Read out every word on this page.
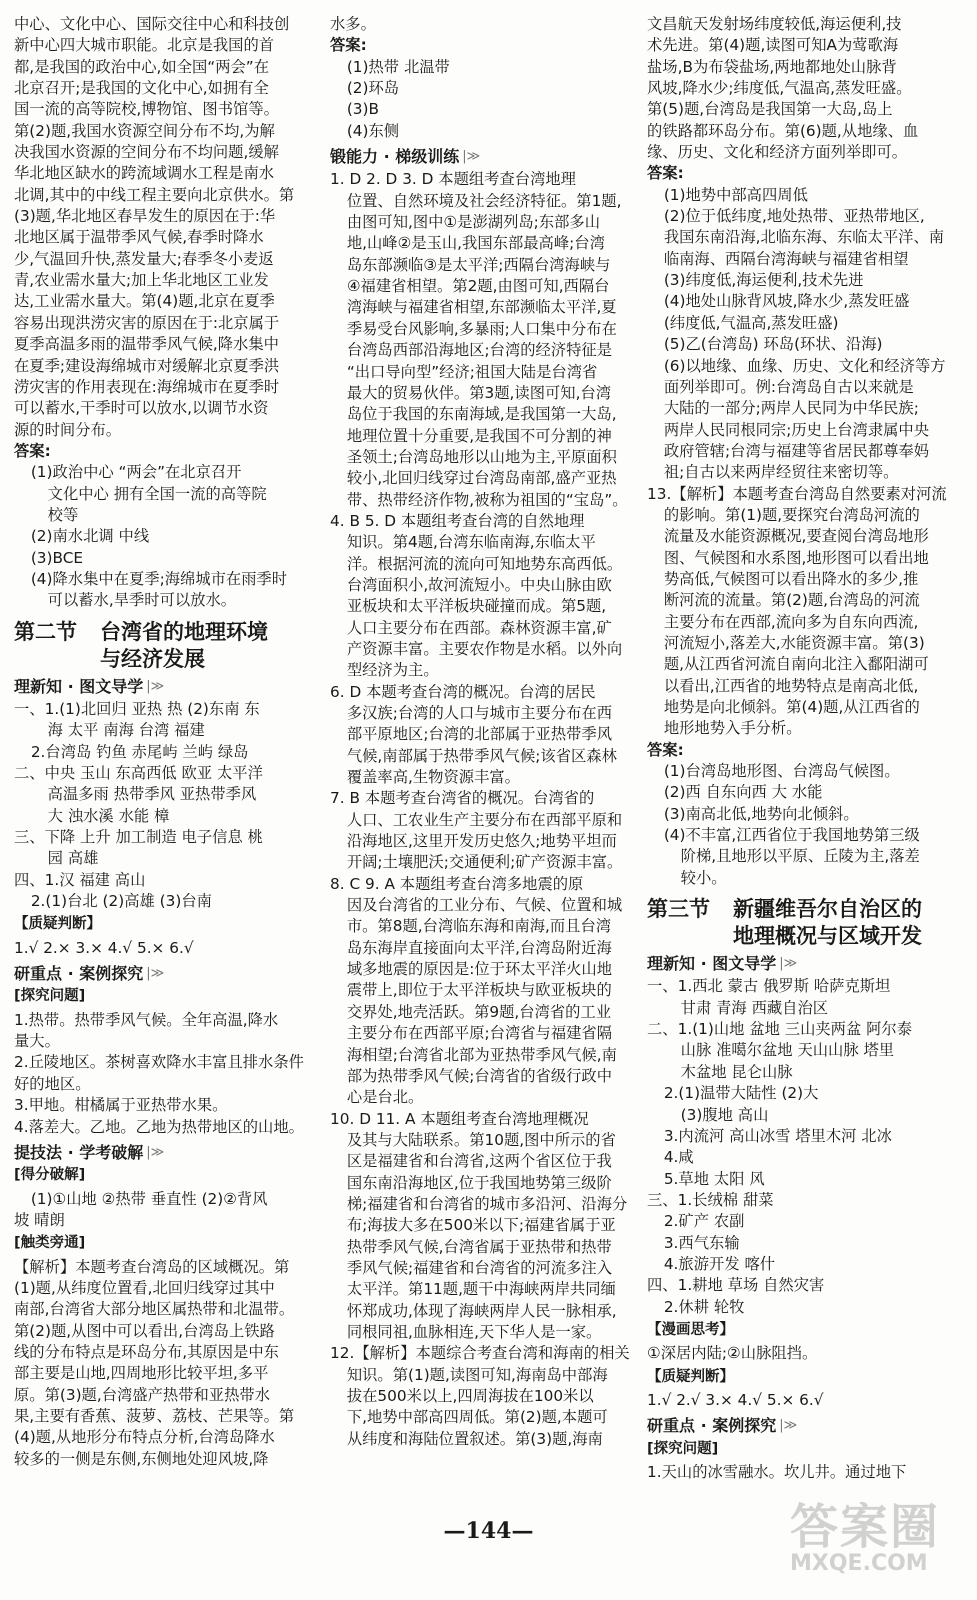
中心、文化中心、国际交往中心和科技创

新中心四大城市职能。北京是我国的首

都,是我国的政治中心,如全国“两会”在

北京召开;是我国的文化中心,如拥有全

国一流的高等院校,博物馆、图书馆等。

第(2)题,我国水资源空间分布不均,为解

决我国水资源的空间分布不均问题,缓解

华北地区缺水的跨流域调水工程是南水

北调,其中的中线工程主要向北京供水。第

(3)题,华北地区春旱发生的原因在于:华

北地区属于温带季风气候,春季时降水

少,气温回升快,蒸发量大;春季冬小麦返

青,农业需水量大;加上华北地区工业发

达,工业需水量大。第(4)题,北京在夏季

容易出现洪涝灾害的原因在于:北京属于

夏季高温多雨的温带季风气候,降水集中

在夏季;建设海绵城市对缓解北京夏季洪

涝灾害的作用表现在:海绵城市在夏季时

可以蓄水,干季时可以放水,以调节水资

源的时间分布。

答案:

(1)政治中心 “两会”在北京召开

文化中心 拥有全国一流的高等院

校等

(2)南水北调 中线

(3)BCE

(4)降水集中在夏季;海绵城市在雨季时

可以蓄水,旱季时可以放水。

第二节 台湾省的地理环境
与经济发展
理新知 · 图文导学 |≫

一、1.(1)北回归 亚热 热 (2)东南 东

海 太平 南海 台湾 福建

2.台湾岛 钓鱼 赤尾屿 兰屿 绿岛

二、中央 玉山 东高西低 欧亚 太平洋

高温多雨 热带季风 亚热带季风

大 浊水溪 水能 樟

三、下降 上升 加工制造 电子信息 桃

园 高雄

四、1.汉 福建 高山

2.(1)台北 (2)高雄 (3)台南

【质疑判断】

1.√ 2.× 3.× 4.√ 5.× 6.√

研重点 · 案例探究 |≫
[探究问题]

1.热带。热带季风气候。全年高温,降水

量大。

2.丘陵地区。茶树喜欢降水丰富且排水条件

好的地区。

3.甲地。柑橘属于亚热带水果。

4.落差大。乙地。乙地为热带地区的山地。

提技法 · 学考破解 |≫
[得分破解]

(1)①山地 ②热带 垂直性 (2)②背风

坡 晴朗

[触类旁通]

【解析】本题考查台湾岛的区域概况。第

(1)题,从纬度位置看,北回归线穿过其中

南部,台湾省大部分地区属热带和北温带。

第(2)题,从图中可以看出,台湾岛上铁路

线的分布特点是环岛分布,其原因是中东

部主要是山地,四周地形比较平坦,多平

原。第(3)题,台湾盛产热带和亚热带水

果,主要有香蕉、菠萝、荔枝、芒果等。第

(4)题,从地形分布特点分析,台湾岛降水

较多的一侧是东侧,东侧地处迎风坡,降

水多。

答案:

(1)热带 北温带

(2)环岛

(3)B

(4)东侧

锻能力 · 梯级训练 |≫

1. D 2. D 3. D 本题组考查台湾地理

位置、自然环境及社会经济特征。第1题,

由图可知,图中①是澎湖列岛;东部多山

地,山峰②是玉山,我国东部最高峰;台湾

岛东部濒临③是太平洋;西隔台湾海峡与

④福建省相望。第2题,由图可知,西隔台

湾海峡与福建省相望,东部濒临太平洋,夏

季易受台风影响,多暴雨;人口集中分布在

台湾岛西部沿海地区;台湾的经济特征是

“出口导向型”经济;祖国大陆是台湾省

最大的贸易伙伴。第3题,读图可知,台湾

岛位于我国的东南海域,是我国第一大岛,

地理位置十分重要,是我国不可分割的神

圣领土;台湾岛地形以山地为主,平原面积

较小,北回归线穿过台湾岛南部,盛产亚热

带、热带经济作物,被称为祖国的“宝岛”。

4. B 5. D 本题组考查台湾的自然地理

知识。第4题,台湾东临南海,东临太平

洋。根据河流的流向可知地势东高西低。

台湾面积小,故河流短小。中央山脉由欧

亚板块和太平洋板块碰撞而成。第5题,

人口主要分布在西部。森林资源丰富,矿

产资源丰富。主要农作物是水稻。以外向

型经济为主。

6. D 本题考查台湾的概况。台湾的居民

多汉族;台湾的人口与城市主要分布在西

部平原地区;台湾的北部属于亚热带季风

气候,南部属于热带季风气候;该省区森林

覆盖率高,生物资源丰富。

7. B 本题考查台湾省的概况。台湾省的

人口、工农业生产主要分布在西部平原和

沿海地区,这里开发历史悠久;地势平坦而

开阔;土壤肥沃;交通便利;矿产资源丰富。

8. C 9. A 本题组考查台湾多地震的原

因及台湾省的工业分布、气候、位置和城

市。第8题,台湾临东海和南海,而且台湾

岛东海岸直接面向太平洋,台湾岛附近海

域多地震的原因是:位于环太平洋火山地

震带上,即位于太平洋板块与欧亚板块的

交界处,地壳活跃。第9题,台湾省的工业

主要分布在西部平原;台湾省与福建省隔

海相望;台湾省北部为亚热带季风气候,南

部为热带季风气候;台湾省的省级行政中

心是台北。

10. D 11. A 本题组考查台湾地理概况

及其与大陆联系。第10题,图中所示的省

区是福建省和台湾省,这两个省区位于我

国东南沿海地区,位于我国地势第三级阶

梯;福建省和台湾省的城市多沿河、沿海分

布;海拔大多在500米以下;福建省属于亚

热带季风气候,台湾省属于亚热带和热带

季风气候;福建省和台湾省的河流多注入

太平洋。第11题,题干中海峡两岸共同缅

怀郑成功,体现了海峡两岸人民一脉相承,

同根同祖,血脉相连,天下华人是一家。

12.【解析】本题综合考查台湾和海南的相关

知识。第(1)题,读图可知,海南岛中部海

拔在500米以上,四周海拔在100米以

下,地势中部高四周低。第(2)题,本题可

从纬度和海陆位置叙述。第(3)题,海南

文昌航天发射场纬度较低,海运便利,技

术先进。第(4)题,读图可知A为莺歌海

盐场,B为布袋盐场,两地都地处山脉背

风坡,降水少;纬度低,气温高,蒸发旺盛。

第(5)题,台湾岛是我国第一大岛,岛上

的铁路都环岛分布。第(6)题,从地缘、血

缘、历史、文化和经济方面列举即可。

答案:

(1)地势中部高四周低

(2)位于低纬度,地处热带、亚热带地区,

我国东南沿海,北临东海、东临太平洋、南

临南海、西隔台湾海峡与福建省相望

(3)纬度低,海运便利,技术先进

(4)地处山脉背风坡,降水少,蒸发旺盛

(纬度低,气温高,蒸发旺盛)

(5)乙(台湾岛) 环岛(环状、沿海)

(6)以地缘、血缘、历史、文化和经济等方

面列举即可。例:台湾岛自古以来就是

大陆的一部分;两岸人民同为中华民族;

两岸人民同根同宗;历史上台湾隶属中央

政府管辖;台湾与福建等省居民都尊奉妈

祖;自古以来两岸经贸往来密切等。

13.【解析】本题考查台湾岛自然要素对河流

的影响。第(1)题,要探究台湾岛河流的

流量及水能资源概况,要查阅台湾岛地形

图、气候图和水系图,地形图可以看出地

势高低,气候图可以看出降水的多少,推

断河流的流量。第(2)题,台湾岛的河流

主要分布在西部,流向多为自东向西流,

河流短小,落差大,水能资源丰富。第(3)

题,从江西省河流自南向北注入鄱阳湖可

以看出,江西省的地势特点是南高北低,

地势是向北倾斜。第(4)题,从江西省的

地形地势入手分析。

答案:

(1)台湾岛地形图、台湾岛气候图。

(2)西 自东向西 大 水能

(3)南高北低,地势向北倾斜。

(4)不丰富,江西省位于我国地势第三级

阶梯,且地形以平原、丘陵为主,落差

较小。

第三节 新疆维吾尔自治区的
地理概况与区域开发
理新知 · 图文导学 |≫

一、1.西北 蒙古 俄罗斯 哈萨克斯坦

甘肃 青海 西藏自治区

二、1.(1)山地 盆地 三山夹两盆 阿尔泰

山脉 准噶尔盆地 天山山脉 塔里

木盆地 昆仑山脉

2.(1)温带大陆性 (2)大

(3)腹地 高山

3.内流河 高山冰雪 塔里木河 北冰

4.咸

5.草地 太阳 风

三、1.长绒棉 甜菜

2.矿产 农副

3.西气东输

4.旅游开发 喀什

四、1.耕地 草场 自然灾害

2.休耕 轮牧

【漫画思考】

①深居内陆;②山脉阻挡。

【质疑判断】

1.√ 2.√ 3.× 4.√ 5.× 6.√

研重点 · 案例探究 |≫
[探究问题]

1.天山的冰雪融水。坎儿井。通过地下

—144—	答案圈
MXQE.COM
